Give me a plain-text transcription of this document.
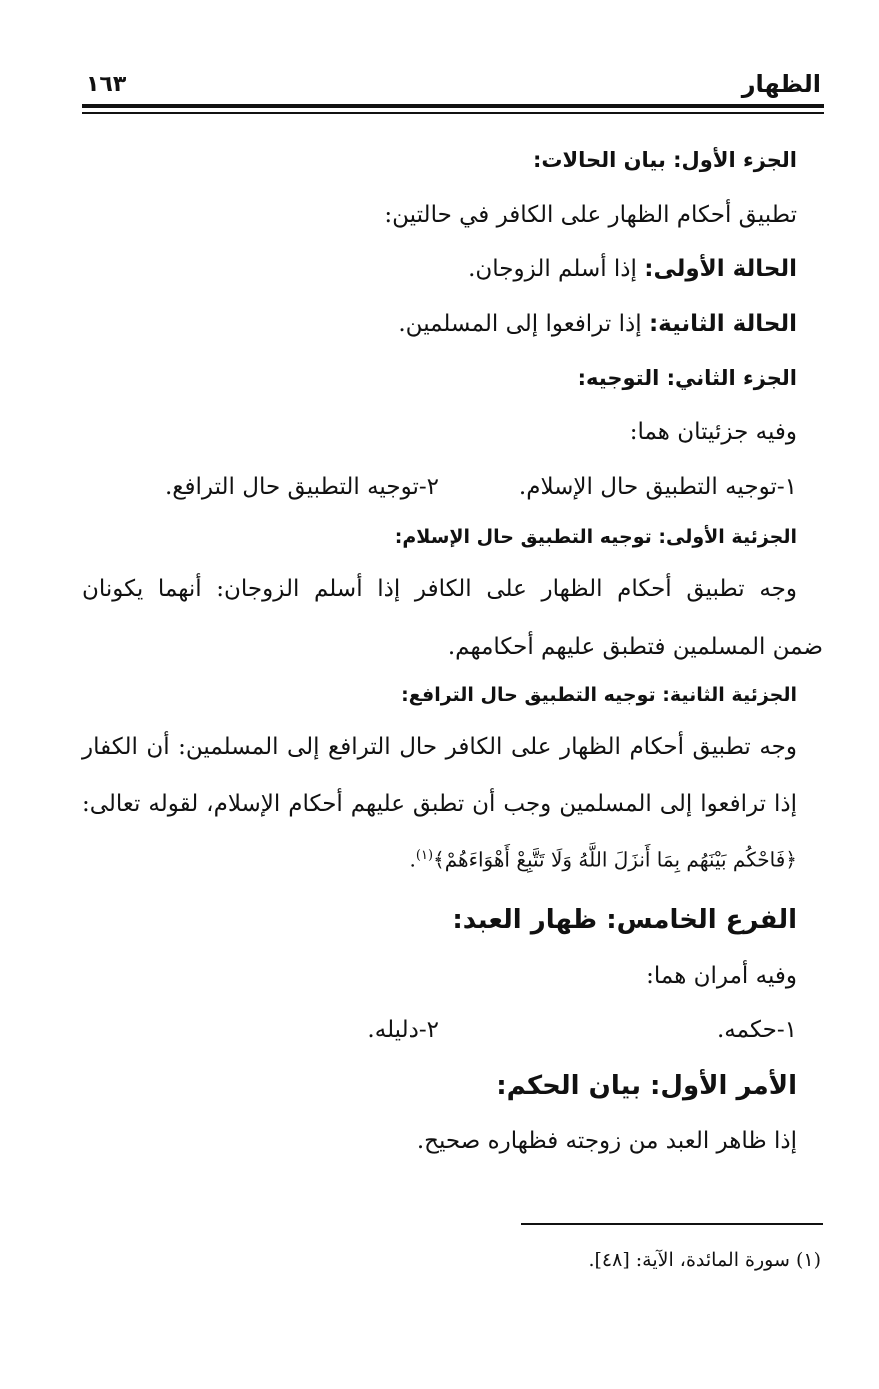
الظهار
١٦٣
الجزء الأول: بيان الحالات:
تطبيق أحكام الظهار على الكافر في حالتين:
الحالة الأولى: إذا أسلم الزوجان.
الحالة الثانية: إذا ترافعوا إلى المسلمين.
الجزء الثاني: التوجيه:
وفيه جزئيتان هما:
١-توجيه التطبيق حال الإسلام.
٢-توجيه التطبيق حال الترافع.
الجزئية الأولى: توجيه التطبيق حال الإسلام:
وجه تطبيق أحكام الظهار على الكافر إذا أسلم الزوجان: أنهما يكونان
ضمن المسلمين فتطبق عليهم أحكامهم.
الجزئية الثانية: توجيه التطبيق حال الترافع:
وجه تطبيق أحكام الظهار على الكافر حال الترافع إلى المسلمين: أن الكفار
إذا ترافعوا إلى المسلمين وجب أن تطبق عليهم أحكام الإسلام، لقوله تعالى:
﴿فَاحْكُم بَيْنَهُم بِمَا أَنزَلَ اللَّهُ وَلَا تَتَّبِعْ أَهْوَاءَهُمْ﴾$^{(١)}$.
الفرع الخامس: ظهار العبد:
وفيه أمران هما:
١-حكمه.
٢-دليله.
الأمر الأول: بيان الحكم:
إذا ظاهر العبد من زوجته فظهاره صحيح.
(١) سورة المائدة، الآية: [٤٨].
